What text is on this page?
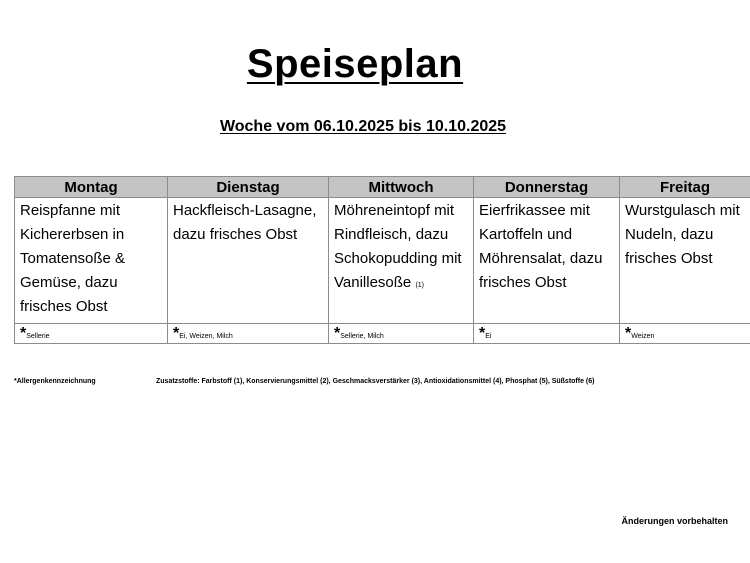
Speiseplan
Woche vom 06.10.2025 bis 10.10.2025
Montag	Dienstag	Mittwoch	Donnerstag	Freitag
Reispfanne mit Kichererbsen in Tomatensoße & Gemüse, dazu frisches Obst	Hackfleisch-Lasagne, dazu frisches Obst	Möhreneintopf mit Rindfleisch, dazu Schokopudding mit Vanillesoße (1)	Eierfrikassee mit Kartoffeln und Möhrensalat, dazu frisches Obst	Wurstgulasch mit Nudeln, dazu frisches Obst
*Sellerie	*Ei, Weizen, Milch	*Sellerie, Milch	*Ei	*Weizen
*Allergenkennzeichnung	Zusatzstoffe: Farbstoff (1), Konservierungsmittel (2), Geschmacksverstärker (3), Antioxidationsmittel (4), Phosphat (5), Süßstoffe (6)
Änderungen vorbehalten
